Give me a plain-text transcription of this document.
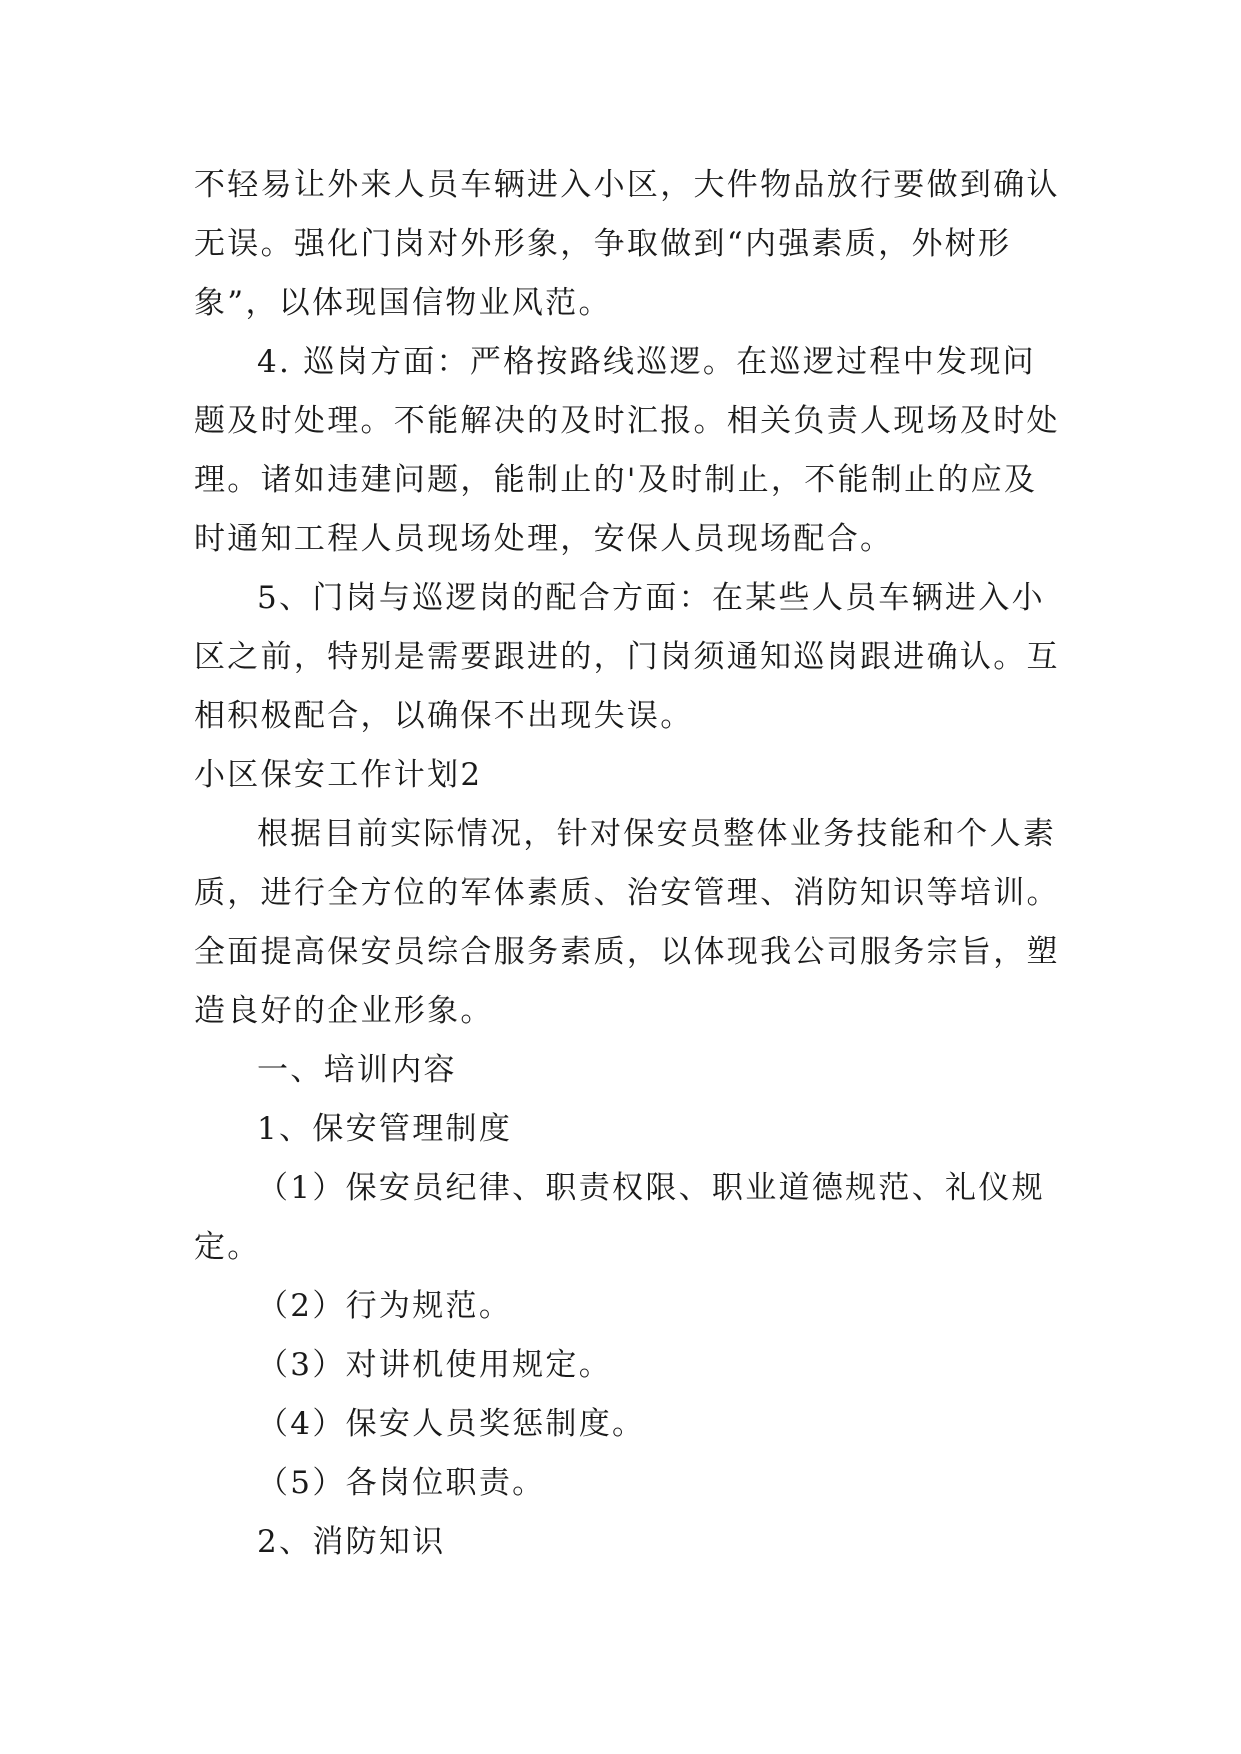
不轻易让外来人员车辆进入小区，大件物品放行要做到确认
无误。强化门岗对外形象，争取做到“内强素质，外树形
象”，以体现国信物业风范。
4. 巡岗方面：严格按路线巡逻。在巡逻过程中发现问
题及时处理。不能解决的及时汇报。相关负责人现场及时处
理。诸如违建问题，能制止的'及时制止，不能制止的应及
时通知工程人员现场处理，安保人员现场配合。
5、门岗与巡逻岗的配合方面：在某些人员车辆进入小
区之前，特别是需要跟进的，门岗须通知巡岗跟进确认。互
相积极配合，以确保不出现失误。
小区保安工作计划2
根据目前实际情况，针对保安员整体业务技能和个人素
质，进行全方位的军体素质、治安管理、消防知识等培训。
全面提高保安员综合服务素质，以体现我公司服务宗旨，塑
造良好的企业形象。
一、培训内容
1、保安管理制度
（1）保安员纪律、职责权限、职业道德规范、礼仪规
定。
（2）行为规范。
（3）对讲机使用规定。
（4）保安人员奖惩制度。
（5）各岗位职责。
2、消防知识
